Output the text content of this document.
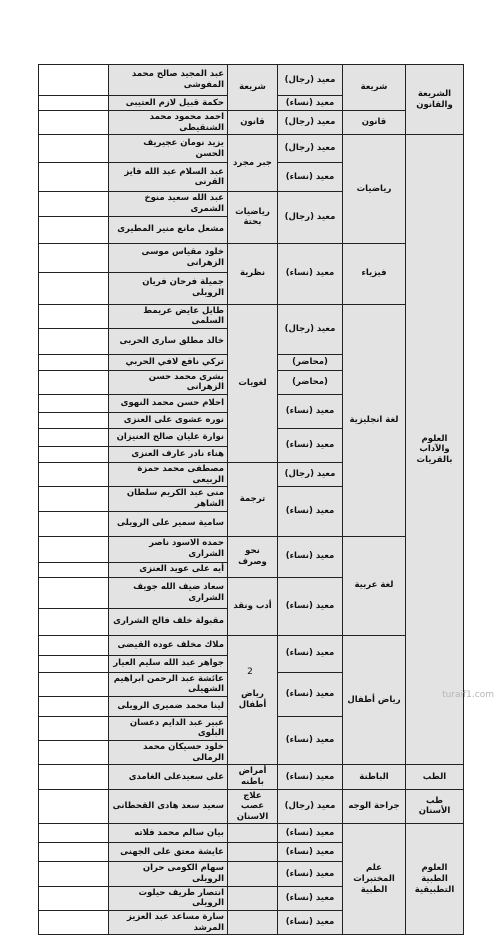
الشريعة والقانون	شريعة	معيد (رجال)	شريعة	عبد المجيد صالح محمد المفوشى	
		معيد (نساء)		حكمة قبيل لازم العتيبى	
	قانون	معيد (رجال)	قانون	احمد محمود محمد الشنقيطى	
العلوم والآداب بالقريات	رياضيات	معيد (رجال)	جبر مجرد	يزيد نومان عجيريف الحسن	
		معيد (نساء)		عبد السلام عبد الله فايز القرنى	
		معيد (رجال)	رياضيات بحتة	عبد الله سعيد منوخ الشمرى	
				مشعل مانع منير المطيرى	
	فيزياء	معيد (نساء)	نظرية	خلود مقياس موسى الزهرانى	
				جميلة فرحان فريان الرويلى	
	لغة انجليزية	معيد (رجال)	لغويات	طايل عايض عريمط السلمى	
				خالد مطلق سارى الحربى	
		(محاضر)		تركي نافع لافي الحربي	
		(محاضر)		بشرى محمد حسن الزهرانى	
		معيد (نساء)		احلام حسن محمد النهوى	
				نوره عشوى على العنزى	
		معيد (نساء)		نوارة عليان صالح العنيزان	
				هناء نادر عارف العنزى	
		معيد (رجال)	ترجمة	مصطفى محمد حمزة الربيعى	
		معيد (نساء)		منى عبد الكريم سلطان الشاهر	
				سامية سمير على الرويلى	
	لغة عربية	معيد (نساء)	نحو وصرف	حمده الاسود ناصر الشرارى	
				أيه على عويد العنزى	
		معيد (نساء)	أدب ونقد	سعاد ضيف الله جويف الشرارى	
				مقبولة خلف فالح الشرارى	
	رياض أطفال	معيد (نساء)	رياض أطفال	ملاك مخلف عوده القيضى	
				جواهر عبد الله سليم العيار	
		معيد (نساء)		عائشة عبد الرحمن ابراهيم الشهيلى	
				لينا محمد ضميرى الرويلى	
		معيد (نساء)		عبير عبد الدايم دعسان البلوى	
				خلود حسيكان محمد الرمالى	
الطب	الباطنة	معيد (نساء)	أمراض باطنه	على سعيدعلى الغامدى	
طب الأسنان	جراحة الوجه	معيد (رجال)	علاج عصب الاسنان	سعيد سعد هادى القحطانى	
العلوم الطبية التطبيقية	علم المختبرات الطبية	معيد (نساء)		بيان سالم محمد فلاته	
		معيد (نساء)		عايشة معتق على الجهنى	
		معيد (نساء)		سهام الكومى حران الرويلى	
		معيد (نساء)		انتصار طريف حيلوت الرويلى	
		معيد (نساء)		سارة مساعد عبد العزيز المرشد	
2
turaif1.com
